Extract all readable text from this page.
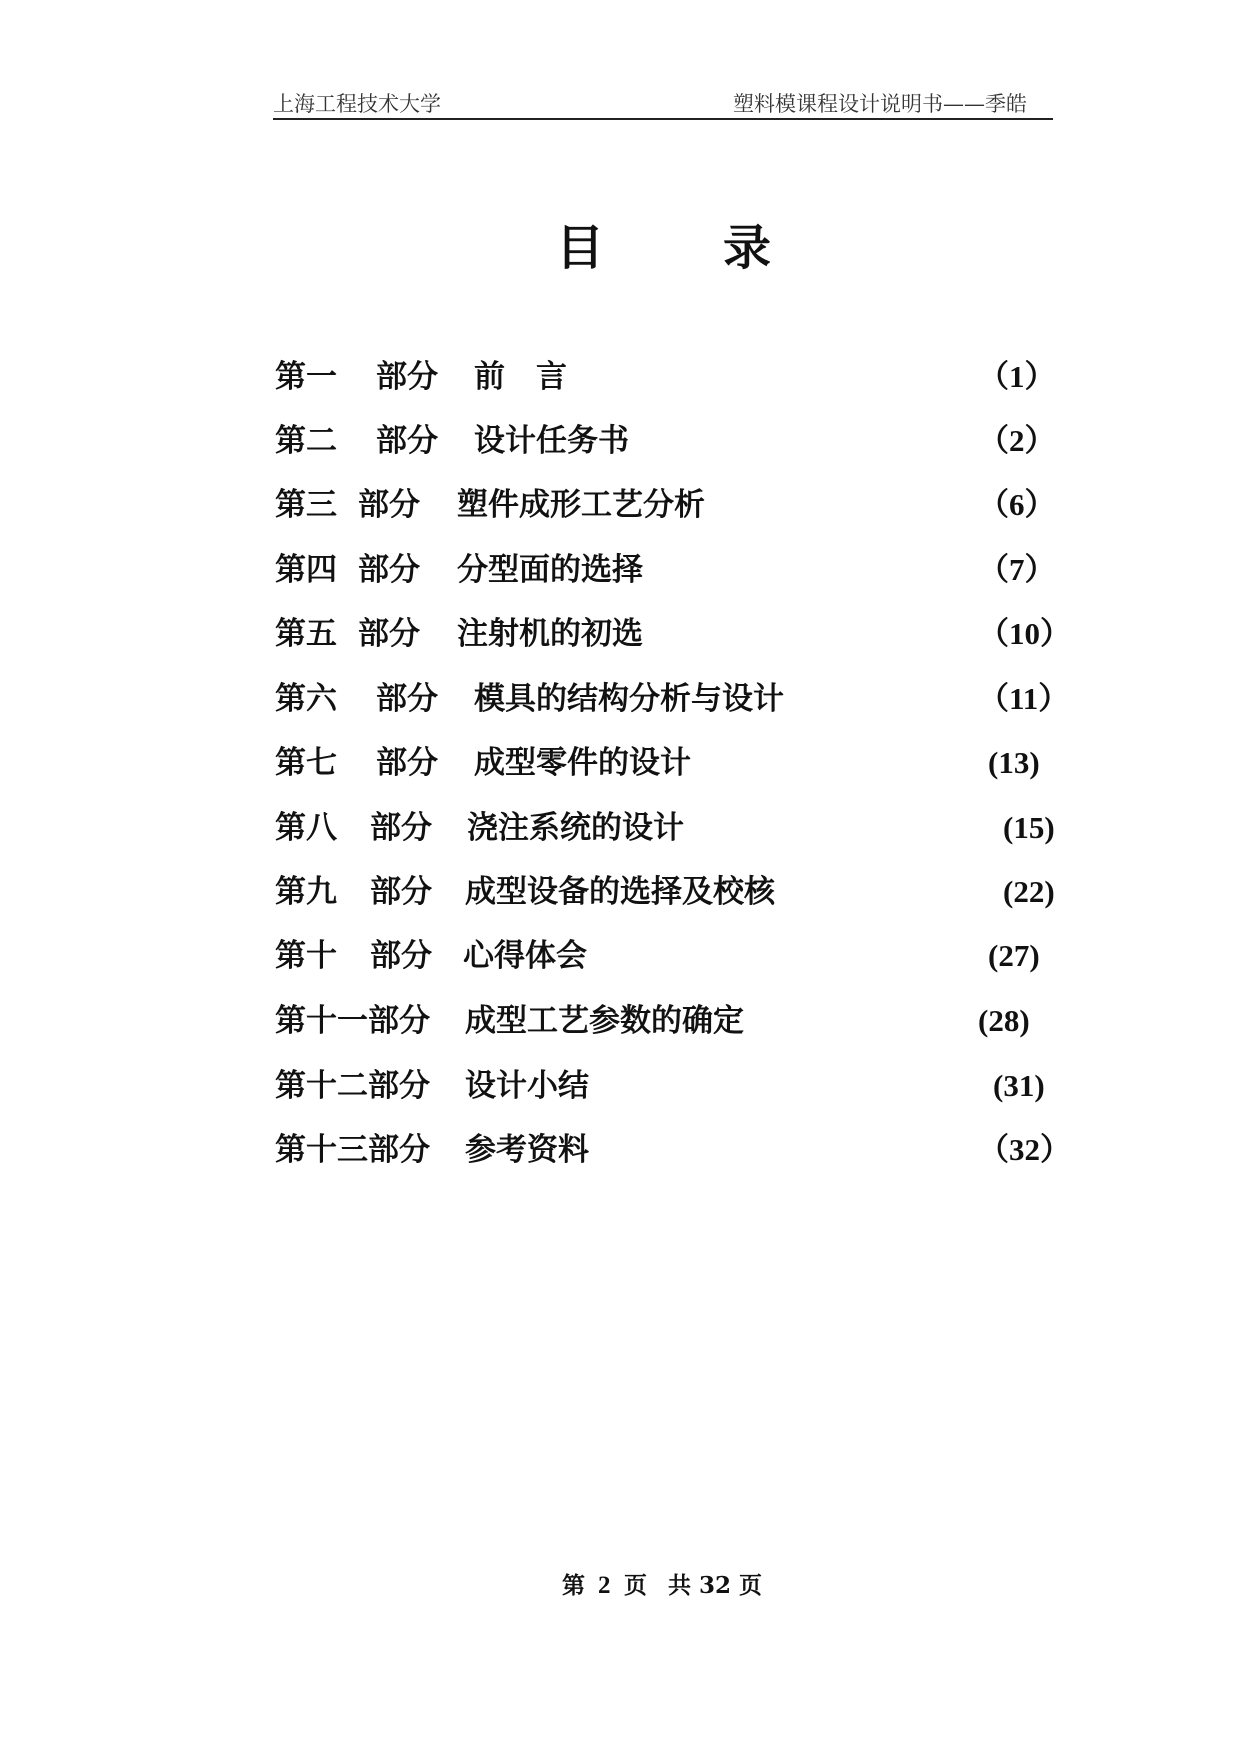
上海工程技术大学	塑料模课程设计说明书——季皓
目 录
第一 部分 前　言	（1）
第二 部分 设计任务书	（2）
第三 部分 塑件成形工艺分析	（6）
第四 部分 分型面的选择	（7）
第五 部分 注射机的初选	（10）
第六 部分 模具的结构分析与设计	（11）
第七 部分 成型零件的设计	(13)
第八 部分 浇注系统的设计	(15)
第九 部分 成型设备的选择及校核	(22)
第十 部分 心得体会	(27)
第十一 部分 成型工艺参数的确定	(28)
第十二 部分 设计小结	(31)
第十三 部分 参考资料	（32）
第 2 页 共 32 页
